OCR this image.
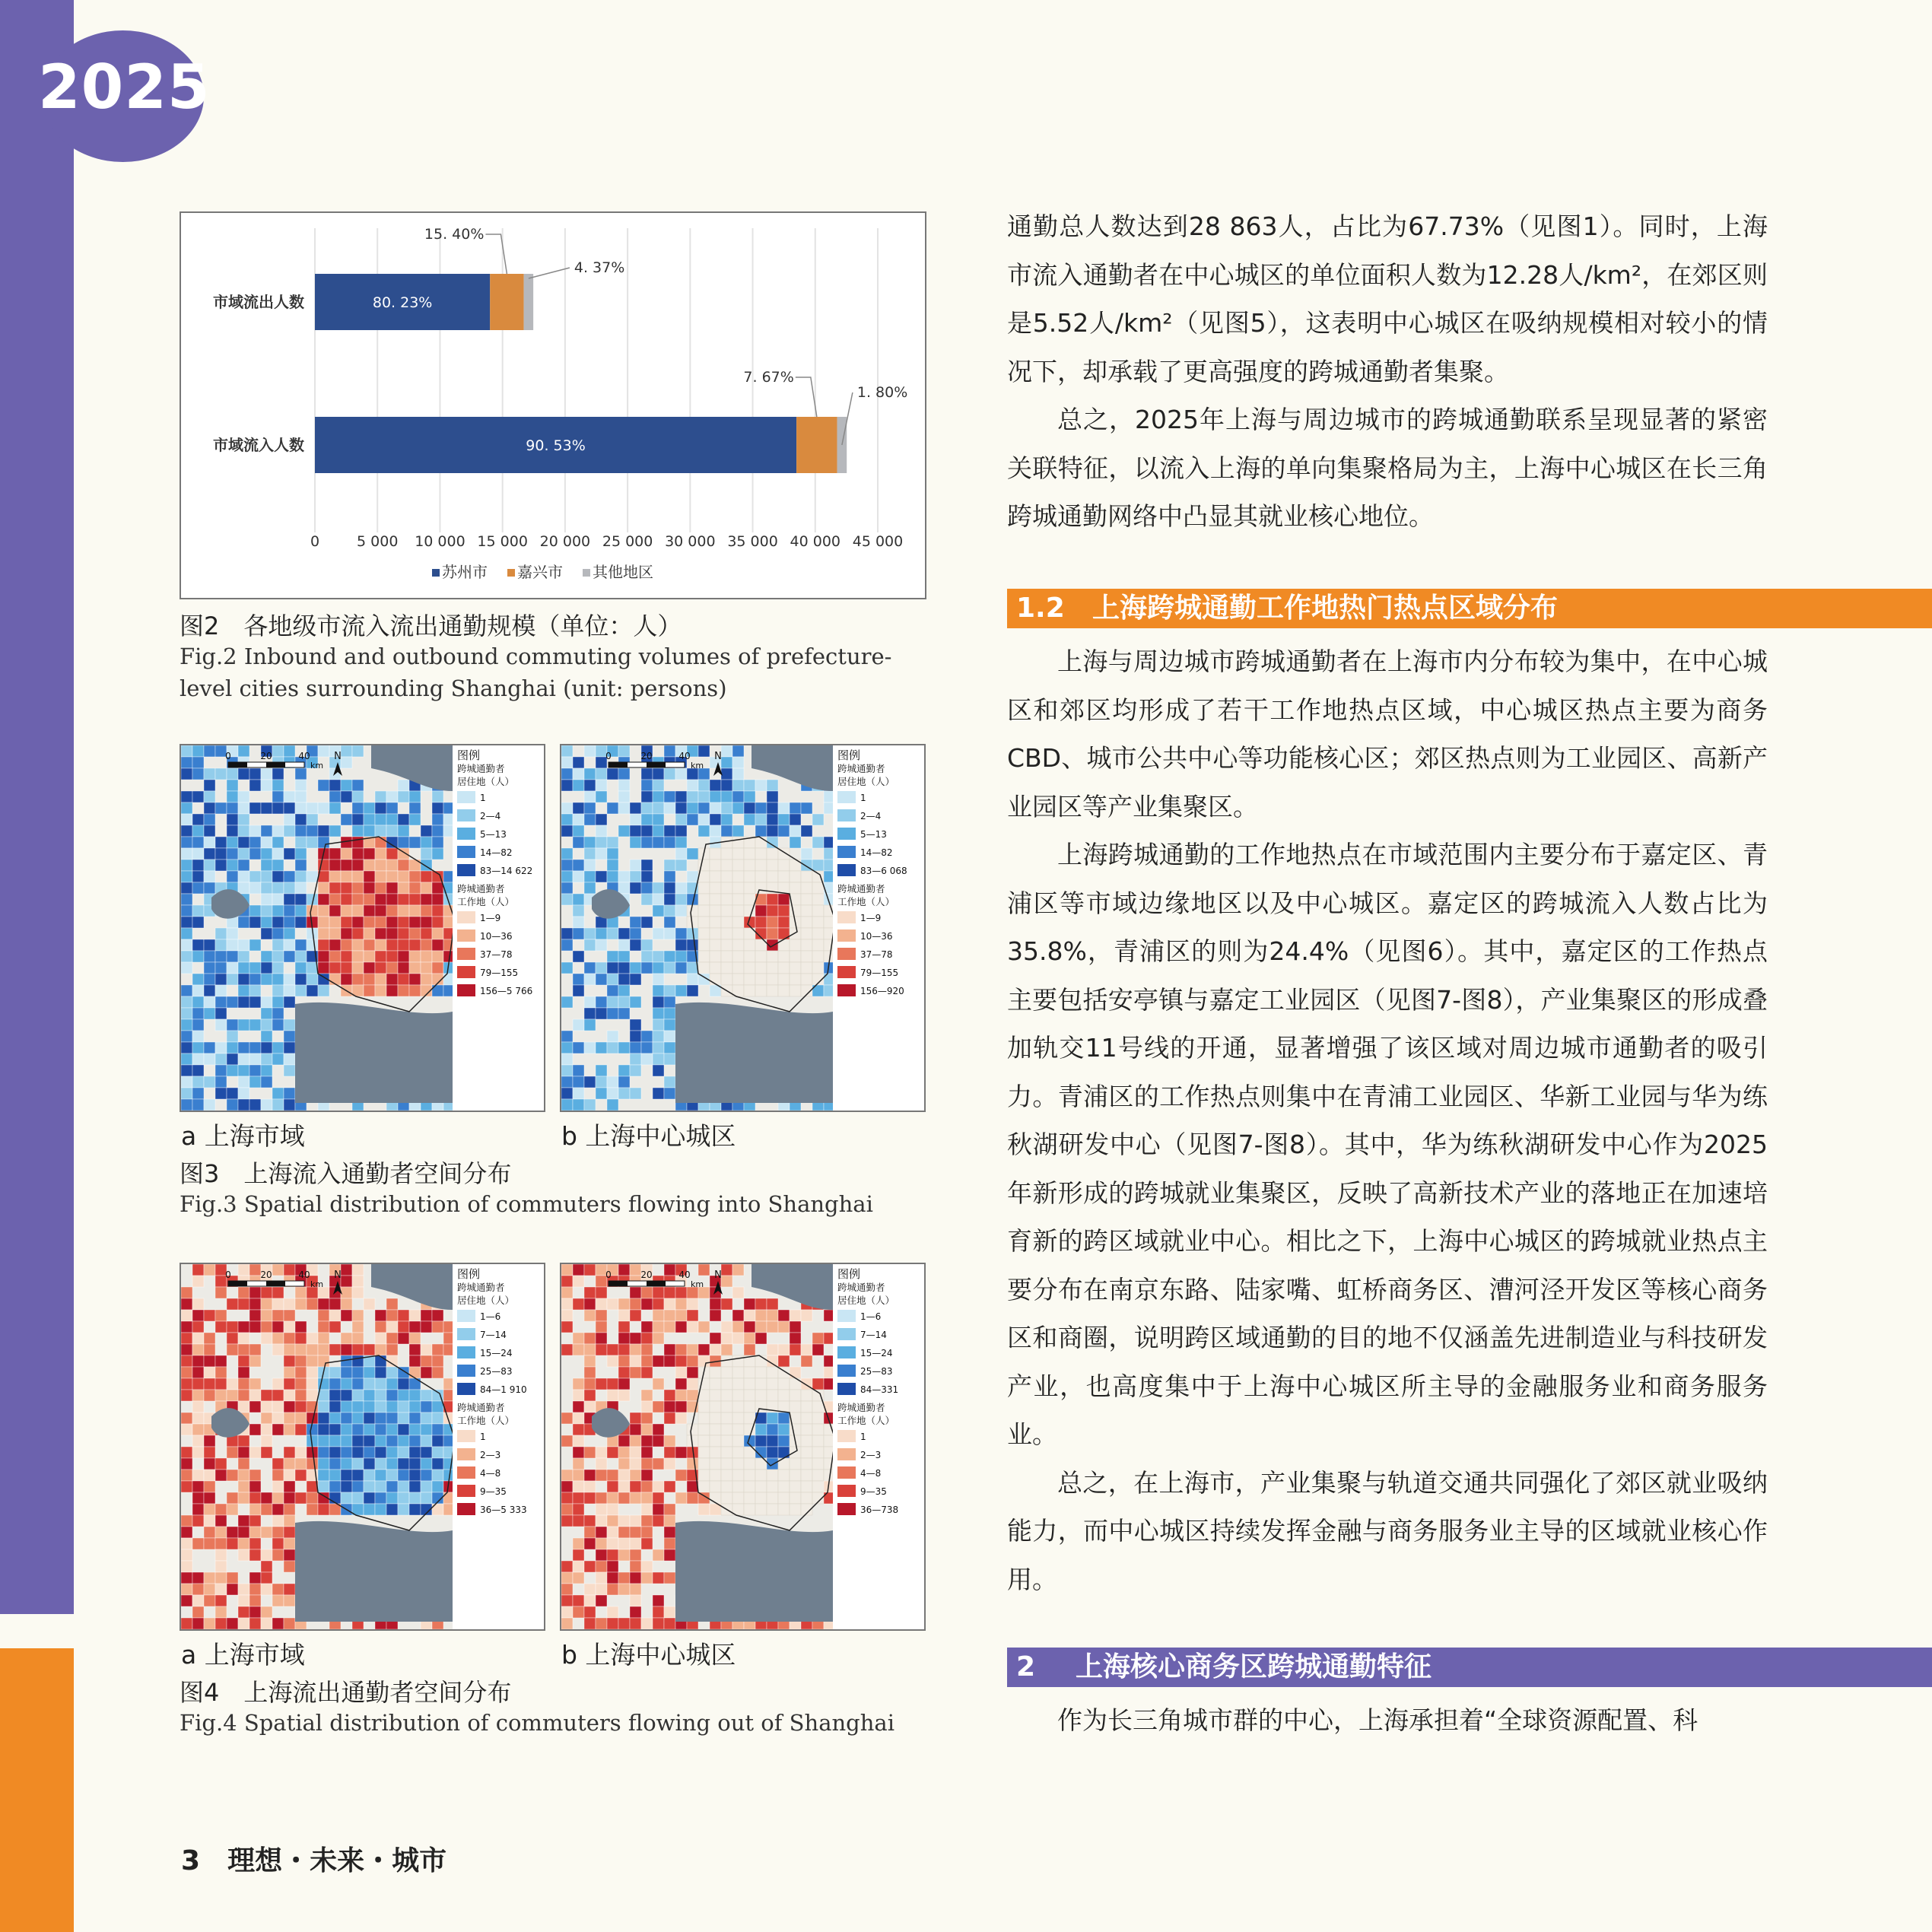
2025
0	5 000 10 000 15 000 20 000 25 000 30 000 35 000 40 000 45 000
市域流出人数	80. 23%
15. 40%
4. 37%
市域流入人数	90. 53%
7. 67%
1. 80%
苏州市 嘉兴市 其他地区
图2　各地级市流入流出通勤规模（单位：人）
Fig.2 Inbound and outbound commuting volumes of prefecture-level cities surrounding Shanghai (unit: persons)
0	20	40
km
N	图例
跨城通勤者
居住地（人）
1
2—4
5—13
14—82
83—14 622
跨城通勤者
工作地（人）
1—9
10—36
37—78
79—155
156—5 766
0	20	40
km
N	图例
跨城通勤者
居住地（人）
1
2—4
5—13
14—82
83—6 068
跨城通勤者
工作地（人）
1—9
10—36
37—78
79—155
156—920
a 上海市域	b 上海中心城区
图3　上海流入通勤者空间分布
Fig.3 Spatial distribution of commuters flowing into Shanghai
0	20	40
km
N	图例
跨城通勤者
居住地（人）
1—6
7—14
15—24
25—83
84—1 910
跨城通勤者
工作地（人）
1
2—3
4—8
9—35
36—5 333
0	20	40
km
N	图例
跨城通勤者
居住地（人）
1—6
7—14
15—24
25—83
84—331
跨城通勤者
工作地（人）
1
2—3
4—8
9—35
36—738
a 上海市域	b 上海中心城区
图4　上海流出通勤者空间分布
Fig.4 Spatial distribution of commuters flowing out of Shanghai

通勤总人数达到28 863人，占比为67.73%（见图1）。同时，上海市流入通勤者在中心城区的单位面积人数为12.28人/km²，在郊区则是5.52人/km²（见图5），这表明中心城区在吸纳规模相对较小的情况下，却承载了更高强度的跨城通勤者集聚。

总之，2025年上海与周边城市的跨城通勤联系呈现显著的紧密关联特征，以流入上海的单向集聚格局为主，上海中心城区在长三角跨城通勤网络中凸显其就业核心地位。

1.2 上海跨城通勤工作地热门热点区域分布

上海与周边城市跨城通勤者在上海市内分布较为集中，在中心城区和郊区均形成了若干工作地热点区域，中心城区热点主要为商务CBD、城市公共中心等功能核心区；郊区热点则为工业园区、高新产业园区等产业集聚区。

上海跨城通勤的工作地热点在市域范围内主要分布于嘉定区、青浦区等市域边缘地区以及中心城区。嘉定区的跨城流入人数占比为35.8%，青浦区的则为24.4%（见图6）。其中，嘉定区的工作热点主要包括安亭镇与嘉定工业园区（见图7-图8），产业集聚区的形成叠加轨交11号线的开通，显著增强了该区域对周边城市通勤者的吸引力。青浦区的工作热点则集中在青浦工业园区、华新工业园与华为练秋湖研发中心（见图7-图8）。其中，华为练秋湖研发中心作为2025年新形成的跨城就业集聚区，反映了高新技术产业的落地正在加速培育新的跨区域就业中心。相比之下，上海中心城区的跨城就业热点主要分布在南京东路、陆家嘴、虹桥商务区、漕河泾开发区等核心商务区和商圈，说明跨区域通勤的目的地不仅涵盖先进制造业与科技研发产业，也高度集中于上海中心城区所主导的金融服务业和商务服务业。

总之，在上海市，产业集聚与轨道交通共同强化了郊区就业吸纳能力，而中心城区持续发挥金融与商务服务业主导的区域就业核心作用。

2 上海核心商务区跨城通勤特征

作为长三角城市群的中心，上海承担着“全球资源配置、科

3 理想・未来・城市
